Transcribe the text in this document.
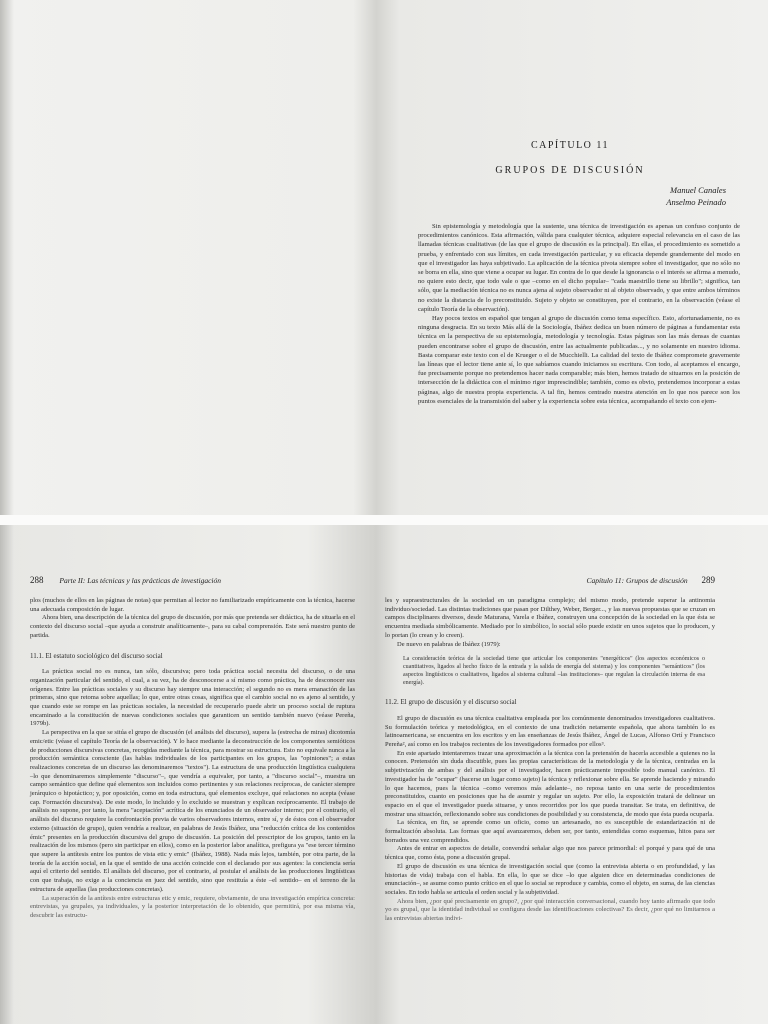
CAPÍTULO 11
GRUPOS DE DISCUSIÓN
Manuel Canales
Anselmo Peinado

Sin epistemología y metodología que la sustente, una técnica de investigación es apenas un confuso conjunto de procedimientos canónicos. Esta afirmación, válida para cualquier técnica, adquiere especial relevancia en el caso de las llamadas técnicas cualitativas (de las que el grupo de discusión es la principal). En ellas, el procedimiento es sometido a prueba, y enfrentado con sus límites, en cada investigación particular, y su eficacia depende grandemente del modo en que el investigador las haya subjetivado. La aplicación de la técnica pivota siempre sobre el investigador, que no sólo no se borra en ella, sino que viene a ocupar su lugar. En contra de lo que desde la ignorancia o el interés se afirma a menudo, no quiere esto decir, que todo vale o que –como en el dicho popular– "cada maestrillo tiene su librillo"; significa, tan sólo, que la mediación técnica no es nunca ajena al sujeto observador ni al objeto observado, y que entre ambos términos no existe la distancia de lo preconstituido. Sujeto y objeto se constituyen, por el contrario, en la observación (véase el capítulo Teoría de la observación).

Hay pocos textos en español que tengan al grupo de discusión como tema específico. Esto, afortunadamente, no es ninguna desgracia. En su texto Más allá de la Sociología, Ibáñez dedica un buen número de páginas a fundamentar esta técnica en la perspectiva de su epistemología, metodología y tecnología. Estas páginas son las más densas de cuantas pueden encontrarse sobre el grupo de discusión, entre las actualmente publicadas..., y no solamente en nuestro idioma. Basta comparar este texto con el de Krueger o el de Mucchielli. La calidad del texto de Ibáñez compromete gravemente las líneas que el lector tiene ante sí, lo que sabíamos cuando iniciamos su escritura. Con todo, al aceptamos el encargo, fue precisamente porque no pretendemos hacer nada comparable; más bien, hemos tratado de situarnos en la posición de intersección de la didáctica con el mínimo rigor imprescindible; también, como es obvio, pretendemos incorporar a estas páginas, algo de nuestra propia experiencia. A tal fin, hemos centrado nuestra atención en lo que nos parece son los puntos esenciales de la transmisión del saber y la experiencia sobre esta técnica, acompañando el texto con ejem-

288 Parte II: Las técnicas y las prácticas de investigación

plos (muchos de ellos en las páginas de notas) que permitan al lector no familiarizado empíricamente con la técnica, hacerse una adecuada composición de lugar.

Ahora bien, una descripción de la técnica del grupo de discusión, por más que pretenda ser didáctica, ha de situarla en el contexto del discurso social –que ayuda a construir analíticamente–, para su cabal comprensión. Este será nuestro punto de partida.

11.1. El estatuto sociológico del discurso social

La práctica social no es nunca, tan sólo, discursiva; pero toda práctica social necesita del discurso, o de una organización particular del sentido, el cual, a su vez, ha de desconocerse a sí mismo como práctica, ha de desconocer sus orígenes. Entre las prácticas sociales y su discurso hay siempre una interacción; el segundo no es mera emanación de las primeras, sino que retoma sobre aquellas; lo que, entre otras cosas, significa que el cambio social no es ajeno al sentido, y que cuando este se rompe en las prácticas sociales, la necesidad de recuperarlo puede abrir un proceso social de ruptura encaminado a la constitución de nuevas condiciones sociales que garanticen un sentido también nuevo (véase Pereña, 1979b).

La perspectiva en la que se sitúa el grupo de discusión (el análisis del discurso), supera la (estrecha de miras) dicotomía emic/etic (véase el capítulo Teoría de la observación). Y lo hace mediante la deconstrucción de los componentes semióticos de producciones discursivas concretas, recogidas mediante la técnica, para mostrar su estructura. Esto no equivale nunca a la producción semántica consciente (las hablas individuales de los participantes en los grupos, las "opiniones"; a estas realizaciones concretas de un discurso las denominaremos "textos"). La estructura de una producción lingüística cualquiera –lo que denominaremos simplemente "discurso"–, que vendría a equivaler, por tanto, a "discurso social"–, muestra un campo semántico que define qué elementos son incluidos como pertinentes y sus relaciones recíprocas, de carácter siempre jerárquico o hipotáctico; y, por oposición, como en toda estructura, qué elementos excluye, qué relaciones no acepta (véase cap. Formación discursiva). De este modo, lo incluido y lo excluido se muestran y explican recíprocamente. El trabajo de análisis no supone, por tanto, la mera "aceptación" acrítica de los enunciados de un observador interno; por el contrario, el análisis del discurso requiere la confrontación previa de varios observadores internos, entre sí, y de éstos con el observador externo (situación de grupo), quien vendría a realizar, en palabras de Jesús Ibáñez, una "reducción crítica de los contenidos émic" presentes en la producción discursiva del grupo de discusión. La posición del prescriptor de los grupos, tanto en la realización de los mismos (pero sin participar en ellos), como en la posterior labor analítica, prefigura ya "ese tercer término que supere la antítesis entre los puntos de vista etic y emic" (Ibáñez, 1988). Nada más lejos, también, por otra parte, de la teoría de la acción social, en la que el sentido de una acción coincide con el declarado por sus agentes: la conciencia sería aquí el criterio del sentido. El análisis del discurso, por el contrario, al postular el análisis de las producciones lingüísticas con que trabaja, no exige a la conciencia en juez del sentido, sino que restituía a éste –el sentido– en el terreno de la estructura de aquellas (las producciones concretas).

La superación de la antítesis entre estructuras etic y emic, requiere, obviamente, de una investigación empírica concreta: entrevistas, ya grupales, ya individuales, y la posterior interpretación de lo obtenido, que permitirá, por esa misma vía, descubrir las estructu-

Capítulo 11: Grupos de discusión 289

les y supraestructurales de la sociedad en un paradigma complejo; del mismo modo, pretende superar la antinomia individuo/sociedad. Las distintas tradiciones que pasan por Dilthey, Weber, Berger..., y las nuevas propuestas que se cruzan en campos disciplinares diversos, desde Maturana, Varela e Ibáñez, construyen una concepción de la sociedad en la que ésta se encuentra mediada simbólicamente. Mediado por lo simbólico, lo social sólo puede existir en unos sujetos que lo producen, y lo portan (lo crean y lo creen).

De nuevo en palabras de Ibáñez (1979):

La consideración teórica de la sociedad tiene que articular los componentes "energéticos" (los aspectos económicos o cuantitativos, ligados al hecho físico de la entrada y la salida de energía del sistema) y los componentes "semánticos" (los aspectos lingüísticos o cualitativos, ligados al sistema cultural –las instituciones– que regulan la circulación interna de esa energía).
11.2. El grupo de discusión y el discurso social

El grupo de discusión es una técnica cualitativa empleada por los comúnmente denominados investigadores cualitativos. Su formulación teórica y metodológica, en el contexto de una tradición netamente española, que ahora también lo es latinoamericana, se encuentra en los escritos y en las enseñanzas de Jesús Ibáñez, Ángel de Lucas, Alfonso Ortí y Francisco Pereña², así como en los trabajos recientes de los investigadores formados por ellos³.

En este apartado intentaremos trazar una aproximación a la técnica con la pretensión de hacerla accesible a quienes no la conocen. Pretensión sin duda discutible, pues las propias características de la metodología y de la técnica, centradas en la subjetivización de ambas y del análisis por el investigador, hacen prácticamente imposible todo manual canónico. El investigador ha de "ocupar" (hacerse un lugar como sujeto) la técnica y reflexionar sobre ella. Se aprende haciendo y mirando lo que hacemos, pues la técnica –como veremos más adelante–, no reposa tanto en una serie de procedimientos preconstituidos, cuanto en posiciones que ha de asumir y regular un sujeto. Por ello, la exposición tratará de delinear un espacio en el que el investigador pueda situarse, y unos recorridos por los que pueda transitar. Se trata, en definitiva, de mostrar una situación, reflexionando sobre sus condiciones de posibilidad y su consistencia, de modo que ésta pueda ocuparla.

La técnica, en fin, se aprende como un oficio, como un artesanado, no es susceptible de estandarización ni de formalización absoluta. Las formas que aquí avanzaremos, deben ser, por tanto, entendidas como esquemas, hitos para ser borrados una vez comprendidos.

Antes de entrar en aspectos de detalle, convendrá señalar algo que nos parece primordial: el porqué y para qué de una técnica que, como ésta, pone a discusión grupal.

El grupo de discusión es una técnica de investigación social que (como la entrevista abierta o en profundidad, y las historias de vida) trabaja con el habla. En ella, lo que se dice –lo que alguien dice en determinadas condiciones de enunciación–, se asume como punto crítico en el que lo social se reproduce y cambia, como el objeto, en suma, de las ciencias sociales. En todo habla se articula el orden social y la subjetividad.

Ahora bien, ¿por qué precisamente en grupo?, ¿por qué interacción conversacional, cuando hoy tanto afirmado que todo yo es grupal, que la identidad individual se configura desde las identificaciones colectivas? Es decir, ¿por qué no limitarnos a las entrevistas abiertas indivi-
